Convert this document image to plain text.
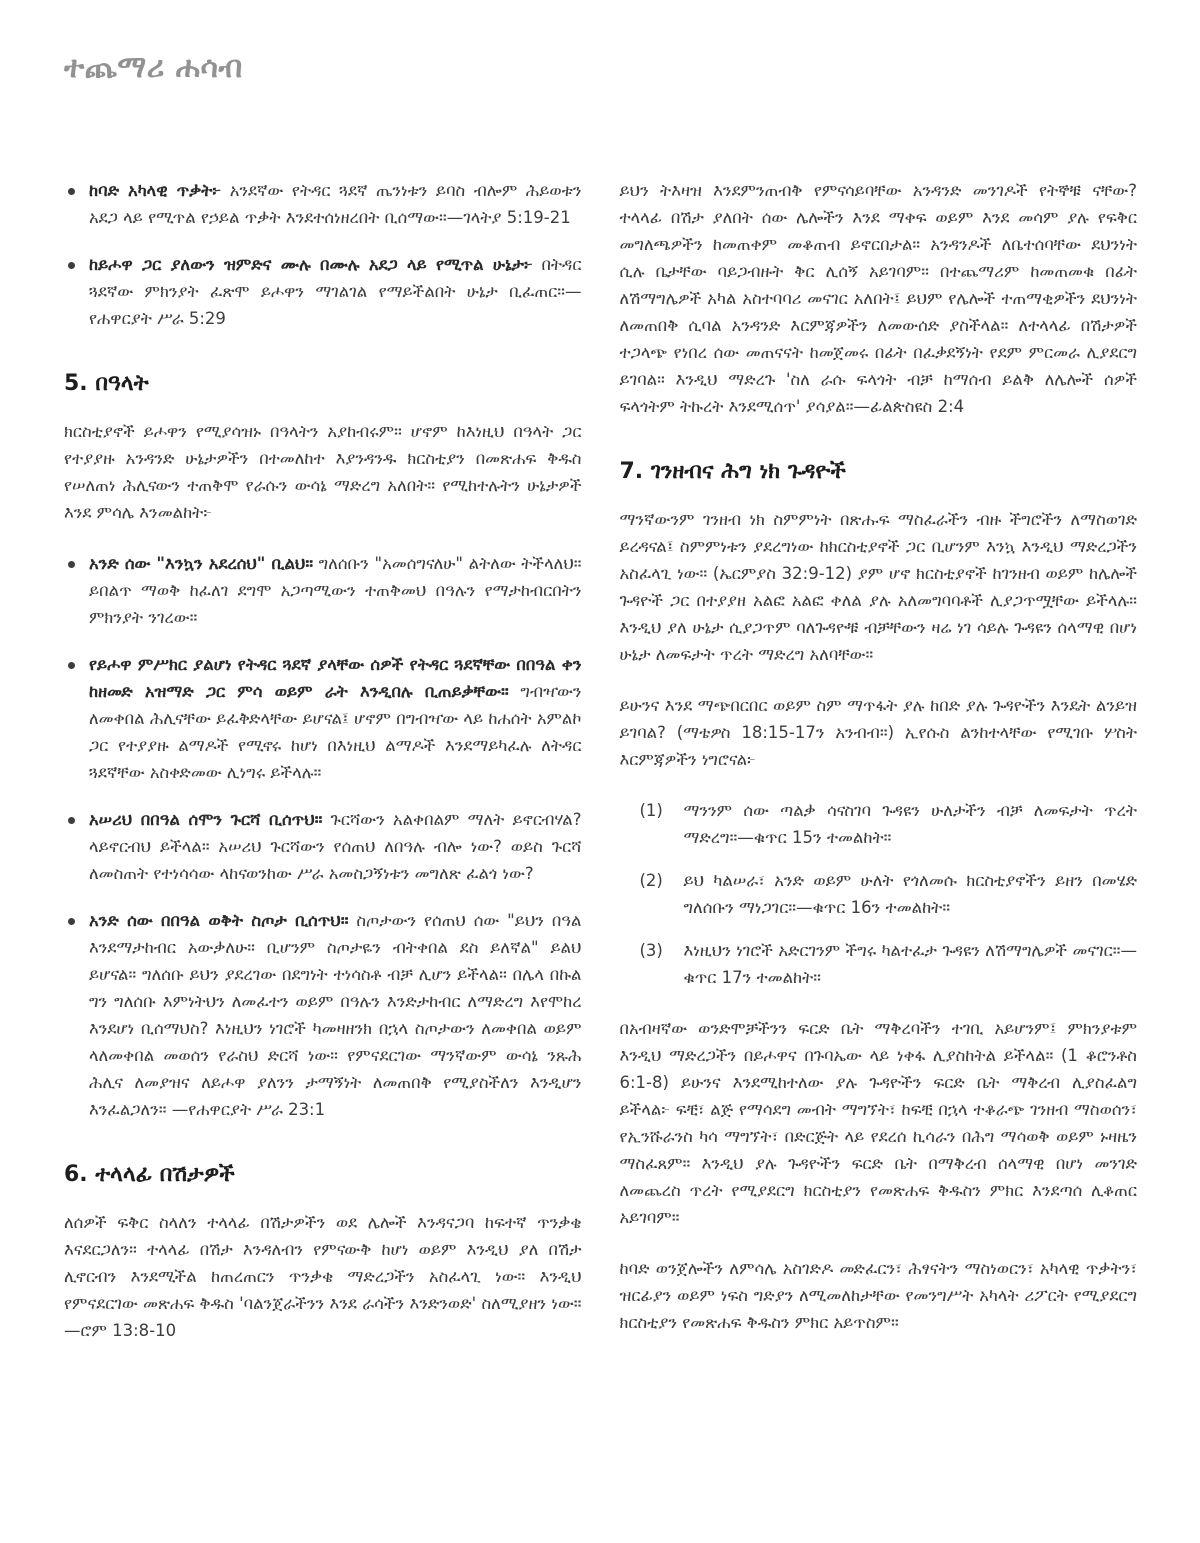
ተጨማሪ ሐሳብ
ከባድ አካላዊ ጥቃት፦ አንደኛው የትዳር ጓደኛ ጤንነቱን ይባስ ብሎም ሕይወቱን አደጋ ላይ የሚጥል የኃይል ጥቃት እንደተሰነዘረበት ቢሰማው።—ገላትያ 5:19-21
ከይሖዋ ጋር ያለውን ዝምድና ሙሉ በሙሉ አደጋ ላይ የሚጥል ሁኔታ፦ በትዳር ጓደኛው ምክንያት ፈጽሞ ይሖዋን ማገልገል የማይችልበት ሁኔታ ቢፈጠር።—የሐዋርያት ሥራ 5:29
5. በዓላት

ክርስቲያኖች ይሖዋን የሚያሳዝኑ በዓላትን አያከብሩም። ሆኖም ከእነዚህ በዓላት ጋር የተያያዙ አንዳንድ ሁኔታዎችን በተመለከተ እያንዳንዱ ክርስቲያን በመጽሐፍ ቅዱስ የሠለጠነ ሕሊናውን ተጠቅሞ የራሱን ውሳኔ ማድረግ አለበት። የሚከተሉትን ሁኔታዎች እንደ ምሳሌ እንመልከት፦

አንድ ሰው "እንኳን አደረሰህ" ቢልህ። ግለሰቡን "አመሰግናለሁ" ልትለው ትችላለህ። ይበልጥ ማወቅ ከፈለገ ደግሞ አጋጣሚውን ተጠቅመህ በዓሉን የማታከብርበትን ምክንያት ንገረው።
የይሖዋ ምሥክር ያልሆነ የትዳር ጓደኛ ያላቸው ሰዎች የትዳር ጓደኛቸው በበዓል ቀን ከዘመድ አዝማድ ጋር ምሳ ወይም ራት እንዲበሉ ቢጠይቃቸው። ግብዣውን ለመቀበል ሕሊናቸው ይፈቅድላቸው ይሆናል፤ ሆኖም በግብዣው ላይ ከሐሰት አምልኮ ጋር የተያያዙ ልማዶች የሚኖሩ ከሆነ በእነዚህ ልማዶች እንደማይካፈሉ ለትዳር ጓደኛቸው አስቀድመው ሊነግሩ ይችላሉ።
አሠሪህ በበዓል ሰሞን ጉርሻ ቢሰጥህ። ጉርሻውን አልቀበልም ማለት ይኖርብሃል? ላይኖርብህ ይችላል። አሠሪህ ጉርሻውን የሰጠህ ለበዓሉ ብሎ ነው? ወይስ ጉርሻ ለመስጠት የተነሳሳው ላከናወንከው ሥራ አመስጋኝነቱን መግለጽ ፈልጎ ነው?
አንድ ሰው በበዓል ወቅት ስጦታ ቢሰጥህ። ስጦታውን የሰጠህ ሰው "ይህን በዓል እንደማታከብር አውቃለሁ። ቢሆንም ስጦታዬን ብትቀበል ደስ ይለኛል" ይልህ ይሆናል። ግለሰቡ ይህን ያደረገው በደግነት ተነሳስቶ ብቻ ሊሆን ይችላል። በሌላ በኩል ግን ግለሰቡ እምነትህን ለመፈተን ወይም በዓሉን እንድታከብር ለማድረግ እየሞከረ እንደሆነ ቢሰማህስ? እነዚህን ነገሮች ካመዛዘንክ በኋላ ስጦታውን ለመቀበል ወይም ላለመቀበል መወሰን የራስህ ድርሻ ነው። የምናደርገው ማንኛውም ውሳኔ ንጹሕ ሕሊና ለመያዝና ለይሖዋ ያለንን ታማኝነት ለመጠበቅ የሚያስችለን እንዲሆን እንፈልጋለን። —የሐዋርያት ሥራ 23:1
6. ተላላፊ በሽታዎች

ለሰዎች ፍቅር ስላለን ተላላፊ በሽታዎችን ወደ ሌሎች እንዳናጋባ ከፍተኛ ጥንቃቄ እናደርጋለን። ተላላፊ በሽታ እንዳለብን የምናውቅ ከሆነ ወይም እንዲህ ያለ በሽታ ሊኖርብን እንደሚችል ከጠረጠርን ጥንቃቄ ማድረጋችን አስፈላጊ ነው። እንዲህ የምናደርገው መጽሐፍ ቅዱስ 'ባልንጀራችንን እንደ ራሳችን እንድንወድ' ስለሚያዘን ነው።—ሮም 13:8-10

ይህን ትእዛዝ እንደምንጠብቅ የምናሳይባቸው አንዳንድ መንገዶች የትኞቹ ናቸው? ተላላፊ በሽታ ያለበት ሰው ሌሎችን እንደ ማቀፍ ወይም እንደ መሳም ያሉ የፍቅር መግለጫዎችን ከመጠቀም መቆጠብ ይኖርበታል። አንዳንዶች ለቤተሰባቸው ደህንነት ሲሉ ቤታቸው ባይጋብዙት ቅር ሊሰኝ አይገባም። በተጨማሪም ከመጠመቁ በፊት ለሽማግሌዎች አካል አስተባባሪ መናገር አለበት፤ ይህም የሌሎች ተጠማቂዎችን ደህንነት ለመጠበቅ ሲባል አንዳንድ እርምጃዎችን ለመውሰድ ያስችላል። ለተላላፊ በሽታዎች ተጋላጭ የነበረ ሰው መጠናናት ከመጀመሩ በፊት በፈቃደኝነት የደም ምርመራ ሊያደርግ ይገባል። እንዲህ ማድረጉ 'ስለ ራሱ ፍላጎት ብቻ ከማሰብ ይልቅ ለሌሎች ሰዎች ፍላጎትም ትኩረት እንደሚሰጥ' ያሳያል።—ፊልጵስዩስ 2:4

7. ገንዘብና ሕግ ነክ ጉዳዮች

ማንኛውንም ገንዘብ ነክ ስምምነት በጽሑፍ ማስፈራችን ብዙ ችግሮችን ለማስወገድ ይረዳናል፤ ስምምነቱን ያደረግነው ከክርስቲያኖች ጋር ቢሆንም እንኳ እንዲህ ማድረጋችን አስፈላጊ ነው። (ኤርምያስ 32:9-12) ያም ሆኖ ክርስቲያኖች ከገንዘብ ወይም ከሌሎች ጉዳዮች ጋር በተያያዘ አልፎ አልፎ ቀለል ያሉ አለመግባባቶች ሊያጋጥሟቸው ይችላሉ። እንዲህ ያለ ሁኔታ ሲያጋጥም ባለጉዳዮቹ ብቻቸውን ዛሬ ነገ ሳይሉ ጉዳዩን ሰላማዊ በሆነ ሁኔታ ለመፍታት ጥረት ማድረግ አለባቸው።

ይሁንና እንደ ማጭበርበር ወይም ስም ማጥፋት ያሉ ከበድ ያሉ ጉዳዮችን እንዴት ልንይዝ ይገባል? (ማቴዎስ 18:15-17ን አንብብ።) ኢየሱስ ልንከተላቸው የሚገቡ ሦስት እርምጃዎችን ነግሮናል፦

(1)	ማንንም ሰው ጣልቃ ሳናስገባ ጉዳዩን ሁለታችን ብቻ ለመፍታት ጥረት ማድረግ።—ቁጥር 15ን ተመልከት።
(2)	ይህ ካልሠራ፣ አንድ ወይም ሁለት የጎለመሱ ክርስቲያኖችን ይዘን በመሄድ ግለሰቡን ማነጋገር።—ቁጥር 16ን ተመልከት።
(3)	እነዚህን ነገሮች አድርገንም ችግሩ ካልተፈታ ጉዳዩን ለሽማግሌዎች መናገር።—ቁጥር 17ን ተመልከት።

በአብዛኛው ወንድሞቻችንን ፍርድ ቤት ማቅረባችን ተገቢ አይሆንም፤ ምክንያቱም እንዲህ ማድረጋችን በይሖዋና በጉባኤው ላይ ነቀፋ ሊያስከትል ይችላል። (1 ቆሮንቶስ 6:1-8) ይሁንና እንደሚከተለው ያሉ ጉዳዮችን ፍርድ ቤት ማቅረብ ሊያስፈልግ ይችላል፦ ፍቺ፣ ልጅ የማሳደግ መብት ማግኘት፣ ከፍቺ በኋላ ተቆራጭ ገንዘብ ማስወሰን፣ የኢንሹራንስ ካሳ ማግኘት፣ በድርጅት ላይ የደረሰ ኪሳራን በሕግ ማሳወቅ ወይም ኑዛዜን ማስፈጸም። እንዲህ ያሉ ጉዳዮችን ፍርድ ቤት በማቅረብ ሰላማዊ በሆነ መንገድ ለመጨረስ ጥረት የሚያደርግ ክርስቲያን የመጽሐፍ ቅዱስን ምክር እንደጣሰ ሊቆጠር አይገባም።

ከባድ ወንጀሎችን ለምሳሌ አስገድዶ መድፈርን፣ ሕፃናትን ማስነወርን፣ አካላዊ ጥቃትን፣ ዝርፊያን ወይም ነፍስ ግድያን ለሚመለከታቸው የመንግሥት አካላት ሪፖርት የሚያደርግ ክርስቲያን የመጽሐፍ ቅዱስን ምክር አይጥስም።
